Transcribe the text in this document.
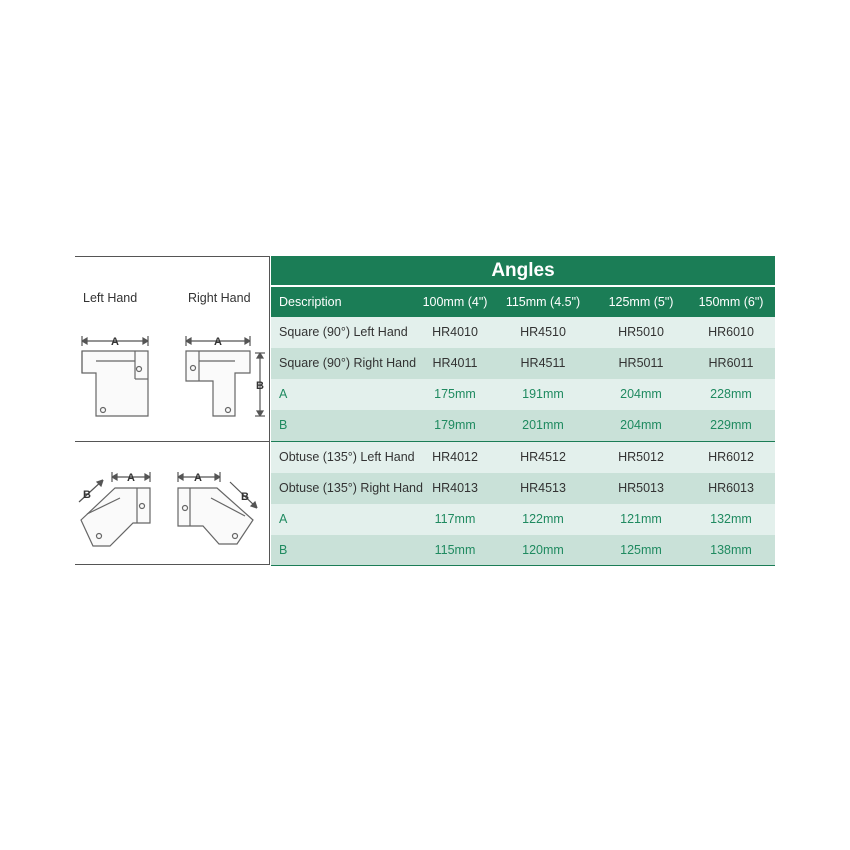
Left Hand	Right Hand
A	A
B
A
B
A
B
Angles
Description	100mm (4")	115mm (4.5")	125mm (5")	150mm (6")
Square (90°) Left Hand	HR4010	HR4510	HR5010	HR6010
Square (90°) Right Hand	HR4011	HR4511	HR5011	HR6011
A	175mm	191mm	204mm	228mm
B	179mm	201mm	204mm	229mm
Obtuse (135°) Left Hand	HR4012	HR4512	HR5012	HR6012
Obtuse (135°) Right Hand HR4013	HR4513	HR5013	HR6013
A	117mm	122mm	121mm	132mm
B	115mm	120mm	125mm	138mm
